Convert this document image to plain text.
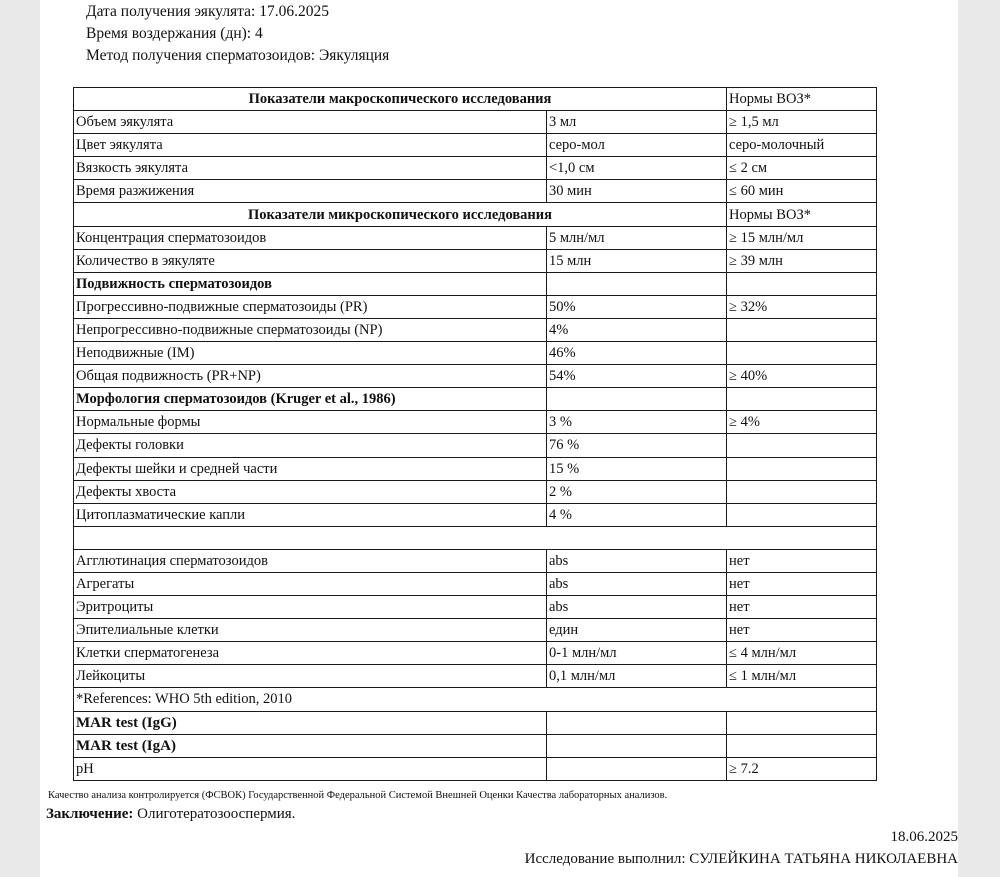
Дата получения эякулята: 17.06.2025
Время воздержания (дн): 4
Метод получения сперматозоидов: Эякуляция
Показатели макроскопического исследования		Нормы ВОЗ*
Объем эякулята	3 мл	≥ 1,5 мл
Цвет эякулята	серо-мол	серо-молочный
Вязкость эякулята	<1,0 см	≤ 2 см
Время разжижения	30 мин	≤ 60 мин
Показатели микроскопического исследования		Нормы ВОЗ*
Концентрация сперматозоидов	5 млн/мл	≥ 15 млн/мл
Количество в эякуляте	15 млн	≥ 39 млн
Подвижность сперматозоидов		
Прогрессивно-подвижные сперматозоиды (PR)	50%	≥ 32%
Непрогрессивно-подвижные сперматозоиды (NP)	4%	
Неподвижные (IM)	46%	
Общая подвижность (PR+NP)	54%	≥ 40%
Морфология сперматозоидов (Kruger et al., 1986)		
Нормальные формы	3 %	≥ 4%
Дефекты головки	76 %	
Дефекты шейки и средней части	15 %	
Дефекты хвоста	2 %	
Цитоплазматические капли	4 %	

Агглютинация сперматозоидов	abs	нет
Агрегаты	abs	нет
Эритроциты	abs	нет
Эпителиальные клетки	един	нет
Клетки сперматогенеза	0-1 млн/мл	≤ 4 млн/мл
Лейкоциты	0,1 млн/мл	≤ 1 млн/мл
*References: WHO 5th edition, 2010		
MAR test (IgG)		
MAR test (IgA)		
pH		≥ 7.2
Качество анализа контролируется (ФСВОК) Государственной Федеральной Системой Внешней Оценки Качества лабораторных анализов.
Заключение: Олиготератозооспермия.
18.06.2025
Исследование выполнил: СУЛЕЙКИНА ТАТЬЯНА НИКОЛАЕВНА
